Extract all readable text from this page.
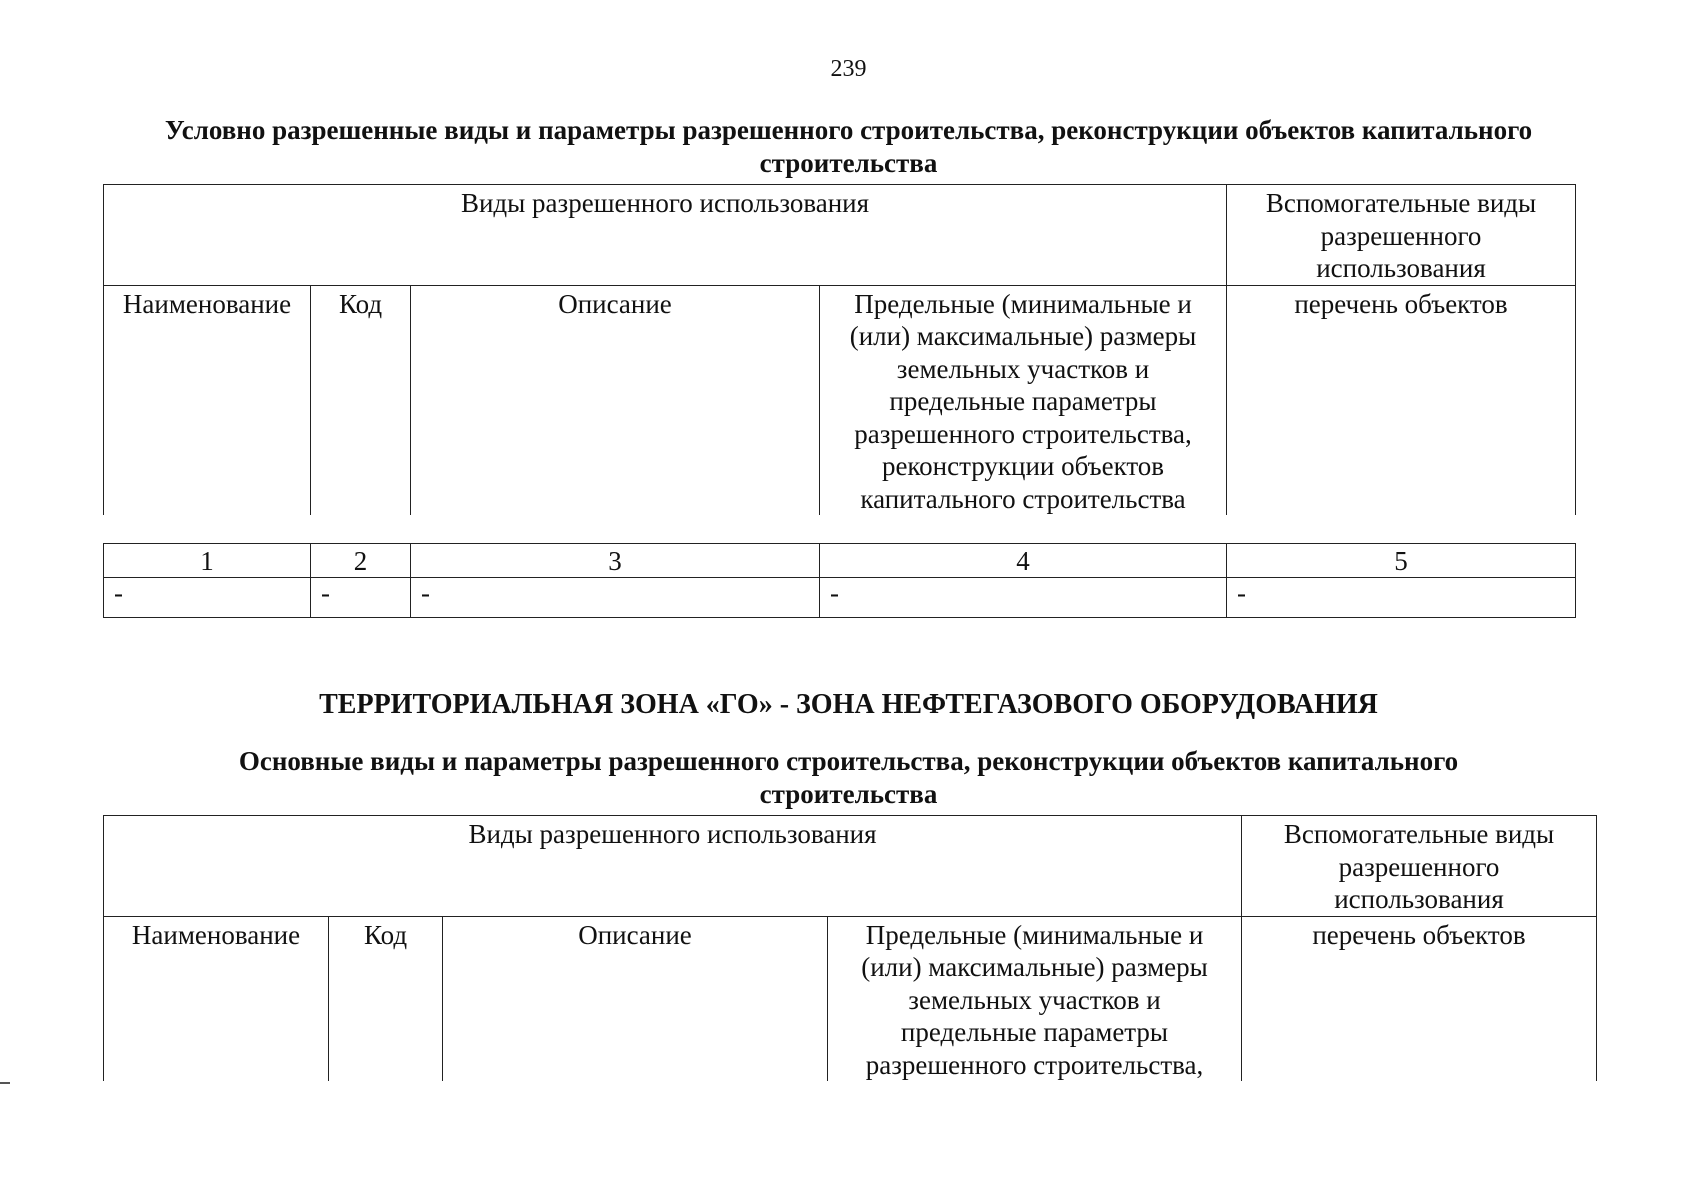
239
Условно разрешенные виды и параметры разрешенного строительства, реконструкции объектов капитального
строительства
Виды разрешенного использования				Вспомогательные виды разрешенного использования
Наименование	Код	Описание	Предельные (минимальные и (или) максимальные) размеры земельных участков и предельные параметры разрешенного строительства, реконструкции объектов капитального строительства	перечень объектов
1	2	3	4	5
-	-	-	-	-
ТЕРРИТОРИАЛЬНАЯ ЗОНА «ГО» - ЗОНА НЕФТЕГАЗОВОГО ОБОРУДОВАНИЯ
Основные виды и параметры разрешенного строительства, реконструкции объектов капитального
строительства
Виды разрешенного использования				Вспомогательные виды разрешенного использования
Наименование	Код	Описание	Предельные (минимальные и (или) максимальные) размеры земельных участков и предельные параметры разрешенного строительства,	перечень объектов
